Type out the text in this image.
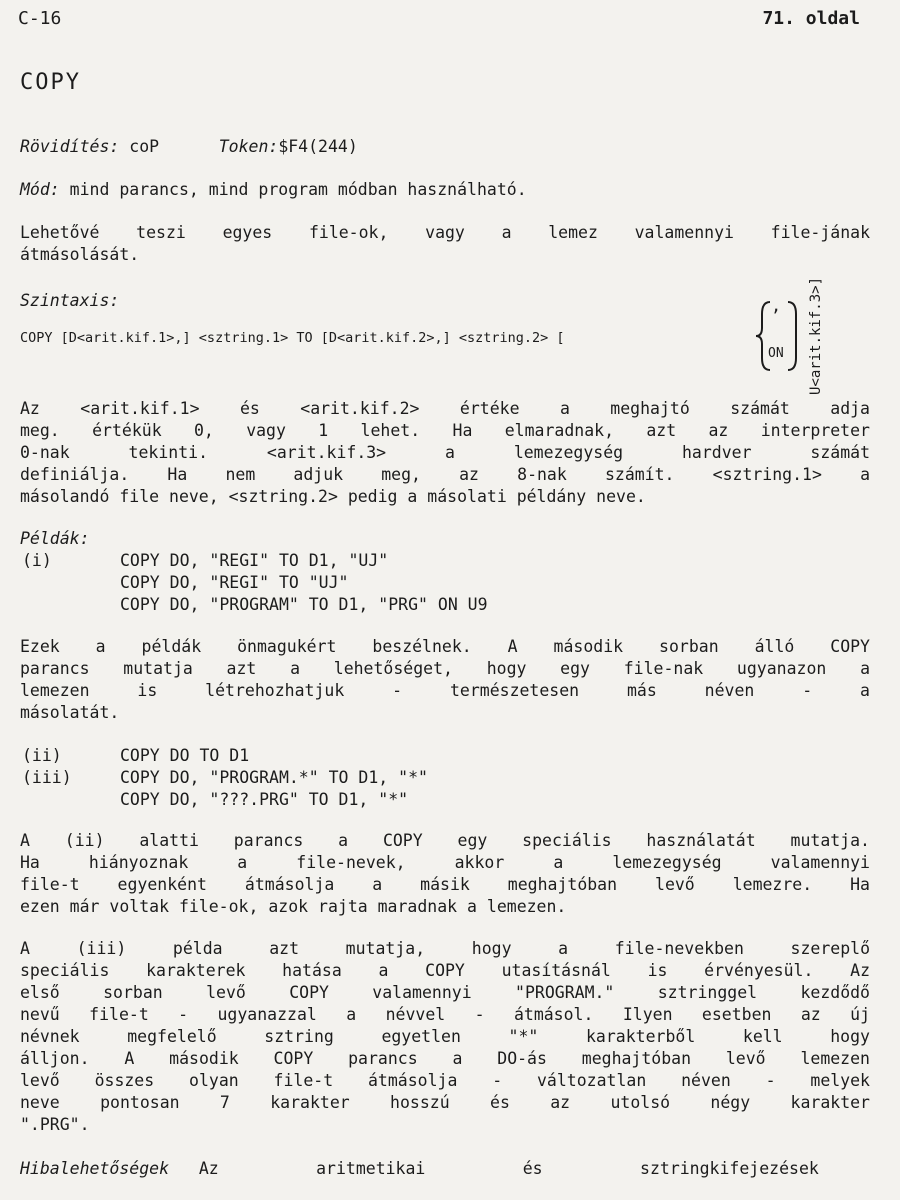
C-16	71. oldal
COPY
Rövidítés: coP	Token:$F4(244)
Mód: mind parancs, mind program módban használható.
Lehetővé teszi egyes file-ok, vagy a lemez valamennyi file-jának
átmásolását.
Szintaxis:
COPY [D<arit.kif.1>,] <sztring.1> TO [D<arit.kif.2>,] <sztring.2> [
,
ON U<arit.kif.3>]
Az <arit.kif.1> és <arit.kif.2> értéke a meghajtó számát adja
meg. értékük 0, vagy 1 lehet. Ha elmaradnak, azt az interpreter
0-nak tekinti. <arit.kif.3> a lemezegység hardver számát
definiálja. Ha nem adjuk meg, az 8-nak számít. <sztring.1> a
másolandó file neve, <sztring.2> pedig a másolati példány neve.
Példák:
(i)	COPY DO, "REGI" TO D1, "UJ"
COPY DO, "REGI" TO "UJ"
COPY DO, "PROGRAM" TO D1, "PRG" ON U9
Ezek a példák önmagukért beszélnek. A második sorban álló COPY
parancs mutatja azt a lehetőséget, hogy egy file-nak ugyanazon a
lemezen is létrehozhatjuk - természetesen más néven - a
másolatát.
(ii)	COPY DO TO D1
(iii)	COPY DO, "PROGRAM.*" TO D1, "*"
COPY DO, "???.PRG" TO D1, "*"
A (ii) alatti parancs a COPY egy speciális használatát mutatja.
Ha hiányoznak a file-nevek, akkor a lemezegység valamennyi
file-t egyenként átmásolja a másik meghajtóban levő lemezre. Ha
ezen már voltak file-ok, azok rajta maradnak a lemezen.
A (iii) példa azt mutatja, hogy a file-nevekben szereplő
speciális karakterek hatása a COPY utasításnál is érvényesül. Az
első sorban levő COPY valamennyi "PROGRAM." sztringgel kezdődő
nevű file-t - ugyanazzal a névvel - átmásol. Ilyen esetben az új
névnek megfelelő sztring egyetlen "*" karakterből kell hogy
álljon. A második COPY parancs a DO-ás meghajtóban levő lemezen
levő összes olyan file-t átmásolja - változatlan néven - melyek
neve pontosan 7 karakter hosszú és az utolsó négy karakter
".PRG".
Hibalehetőségek Az aritmetikai és sztringkifejezések
